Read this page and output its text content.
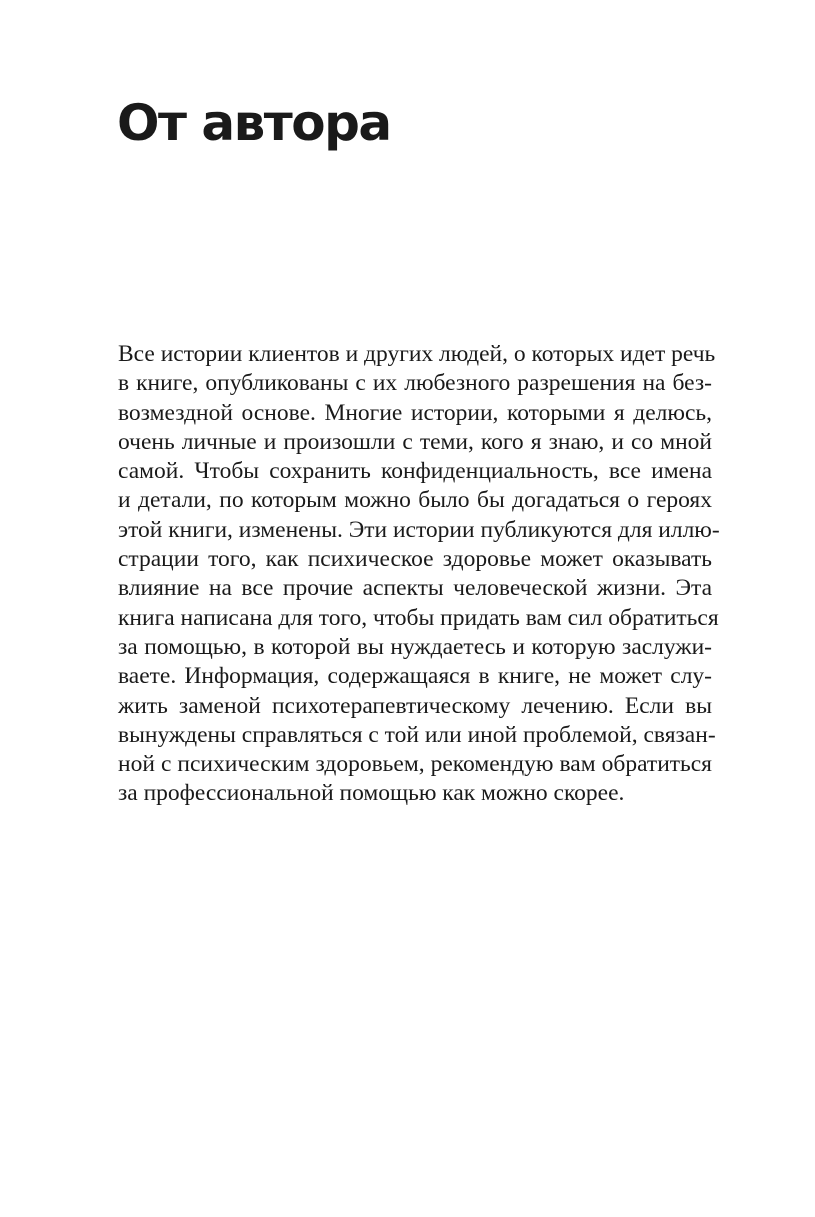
От автора
Все истории клиентов и других людей, о которых идет речь
в книге, опубликованы с их любезного разрешения на без-
возмездной основе. Многие истории, которыми я делюсь,
очень личные и произошли с теми, кого я знаю, и со мной
самой. Чтобы сохранить конфиденциальность, все имена
и детали, по которым можно было бы догадаться о героях
этой книги, изменены. Эти истории публикуются для иллю-
страции того, как психическое здоровье может оказывать
влияние на все прочие аспекты человеческой жизни. Эта
книга написана для того, чтобы придать вам сил обратиться
за помощью, в которой вы нуждаетесь и которую заслужи-
ваете. Информация, содержащаяся в книге, не может слу-
жить заменой психотерапевтическому лечению. Если вы
вынуждены справляться с той или иной проблемой, связан-
ной с психическим здоровьем, рекомендую вам обратиться
за профессиональной помощью как можно скорее.
